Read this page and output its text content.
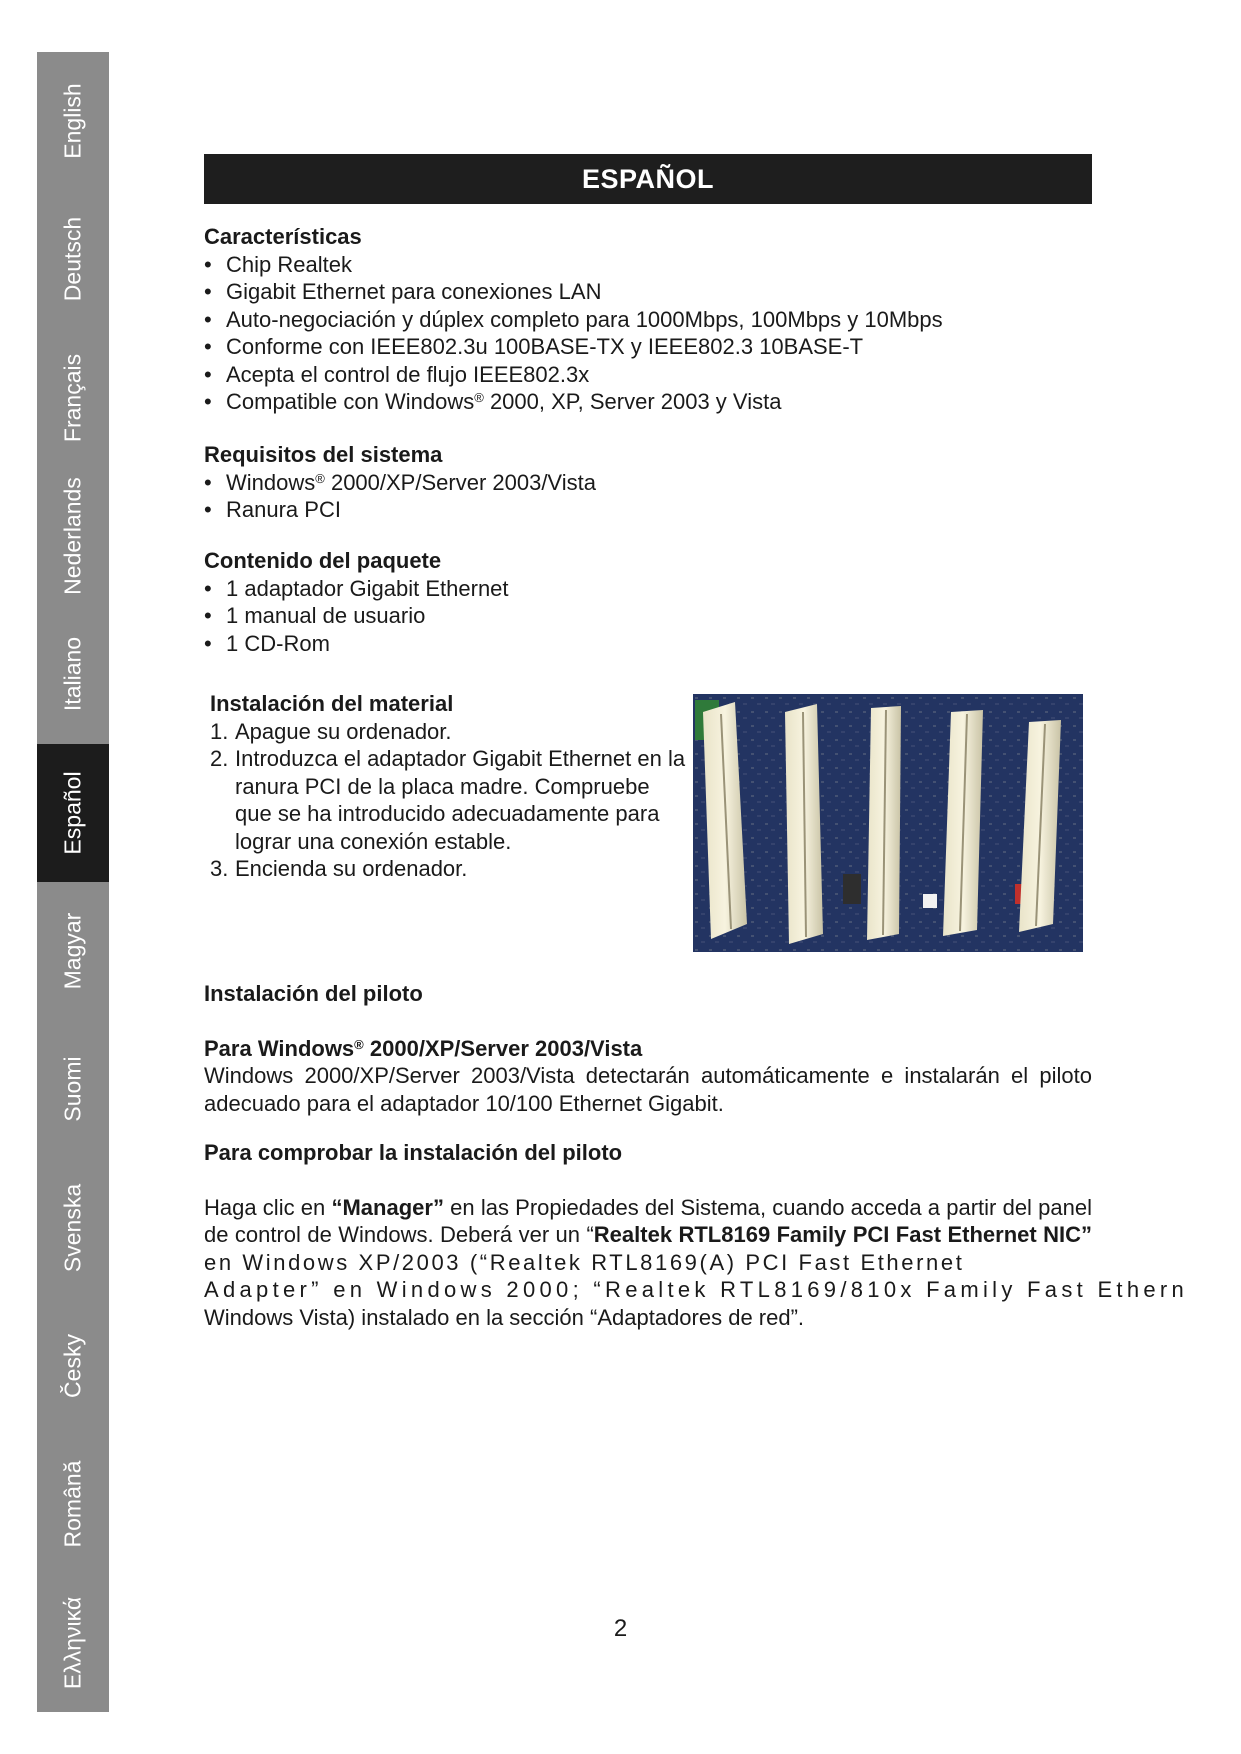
English
Deutsch
Français
Nederlands
Italiano
Español
Magyar
Suomi
Svenska
Česky
Română
Ελληνικά
ESPAÑOL
Características
• Chip Realtek
• Gigabit Ethernet para conexiones LAN
• Auto-negociación y dúplex completo para 1000Mbps, 100Mbps y 10Mbps
• Conforme con IEEE802.3u 100BASE-TX y IEEE802.3 10BASE-T
• Acepta el control de flujo IEEE802.3x
• Compatible con Windows® 2000, XP, Server 2003 y Vista
Requisitos del sistema
• Windows® 2000/XP/Server 2003/Vista
• Ranura PCI
Contenido del paquete
• 1 adaptador Gigabit Ethernet
• 1 manual de usuario
• 1 CD-Rom
Instalación del material
1. Apague su ordenador.
2. Introduzca el adaptador Gigabit Ethernet en la ranura PCI de la placa madre. Compruebe que se ha introducido adecuadamente para lograr una conexión estable.
3. Encienda su ordenador.
Instalación del piloto
Para Windows® 2000/XP/Server 2003/Vista

Windows 2000/XP/Server 2003/Vista detectarán automáticamente e instalarán el piloto adecuado para el adaptador 10/100 Ethernet Gigabit.

Para comprobar la instalación del piloto

Haga clic en “Manager” en las Propiedades del Sistema, cuando acceda a partir del panel de control de Windows. Deberá ver un “Realtek RTL8169 Family PCI Fast Ethernet NIC”

en Windows XP/2003 (“Realtek RTL8169(A) PCI Fast Ethernet

Adapter” en Windows 2000; “Realtek RTL8169/810x Family Fast Ethern

Windows Vista) instalado en la sección “Adaptadores de red”.

2
